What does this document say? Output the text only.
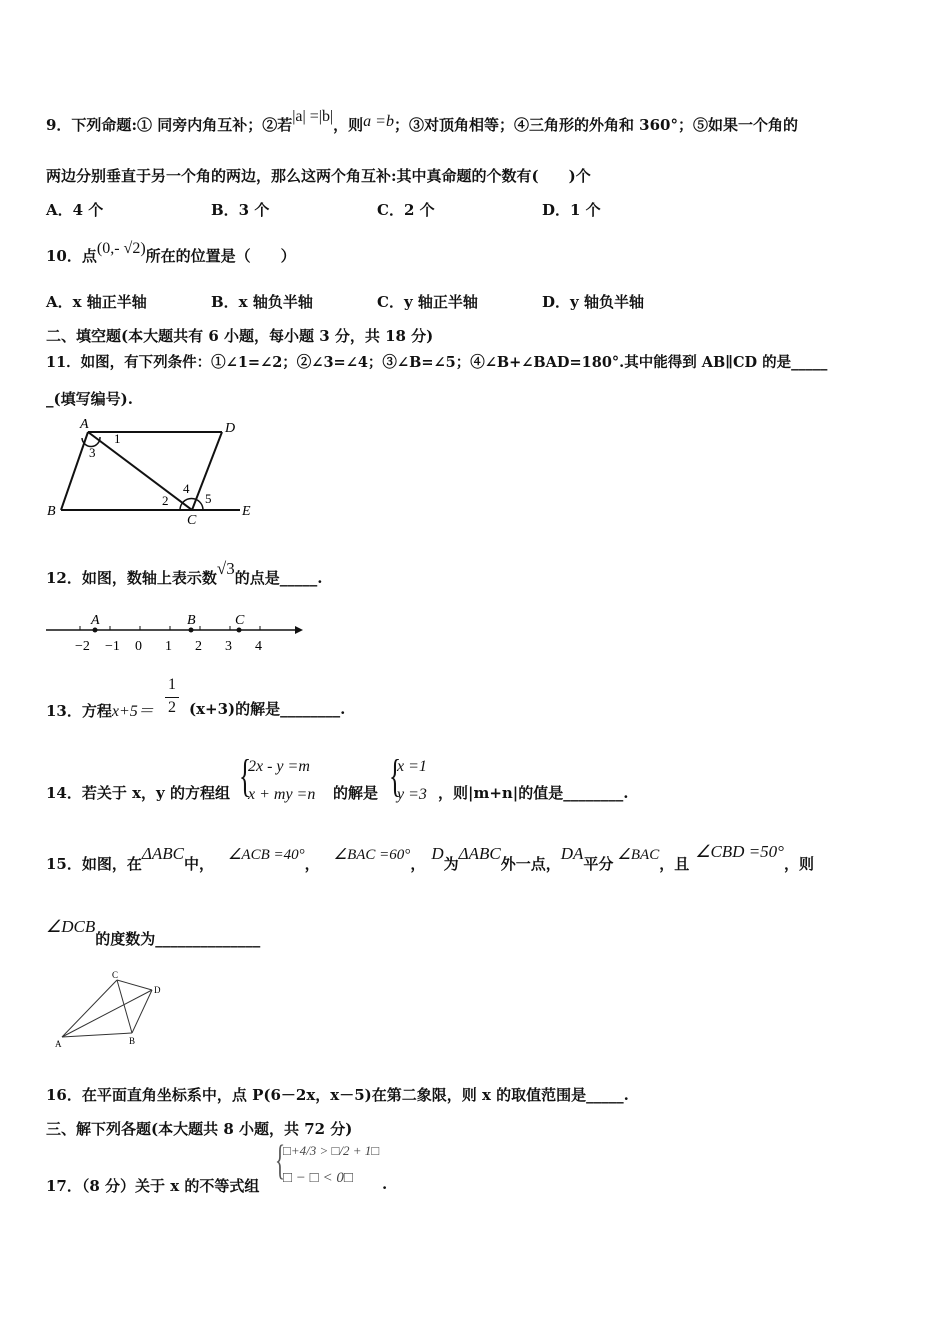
9．下列命题:① 同旁内角互补；②若|a| =|b|，则a =b；③对顶角相等；④三角形的外角和 360°；⑤如果一个角的
两边分别垂直于另一个角的两边，那么这两个角互补:其中真命题的个数有(　　)个
A．4 个	B．3 个	C．2 个	D．1 个
10．点(0,- √2)所在的位置是（　　）
A．x 轴正半轴	B．x 轴负半轴	C．y 轴正半轴	D．y 轴负半轴
二、填空题(本大题共有 6 小题，每小题 3 分，共 18 分)
11．如图，有下列条件：①∠1=∠2；②∠3=∠4；③∠B=∠5；④∠B+∠BAD=180°.其中能得到 AB∥CD 的是_____
_(填写编号).
A	D
B
C
E
1
3
2
4
5
12．如图，数轴上表示数√3的点是_____.
−2 −1 0 1 2 3 4
A	B	C
13．方程x+5＝
1
2 (x+3)的解是________.
14．若关于 x，y 的方程组 {
2x - y =m
x + my =n 的解是 {
x =1
y =3 ，则|m+n|的值是________.
15．如图，在ΔABC中， ∠ACB =40°， ∠BAC =60°，D为ΔABC外一点，DA平分 ∠BAC，且∠CBD =50°，则
∠DCB的度数为______________
A	B
C
D
16．在平面直角坐标系中，点 P(6－2x，x－5)在第二象限，则 x 的取值范围是_____.
三、解下列各题(本大题共 8 小题，共 72 分)
17．（8 分）关于 x 的不等式组
{
□+4/3 > □/2 + 1□
□ − □ < 0□ .
